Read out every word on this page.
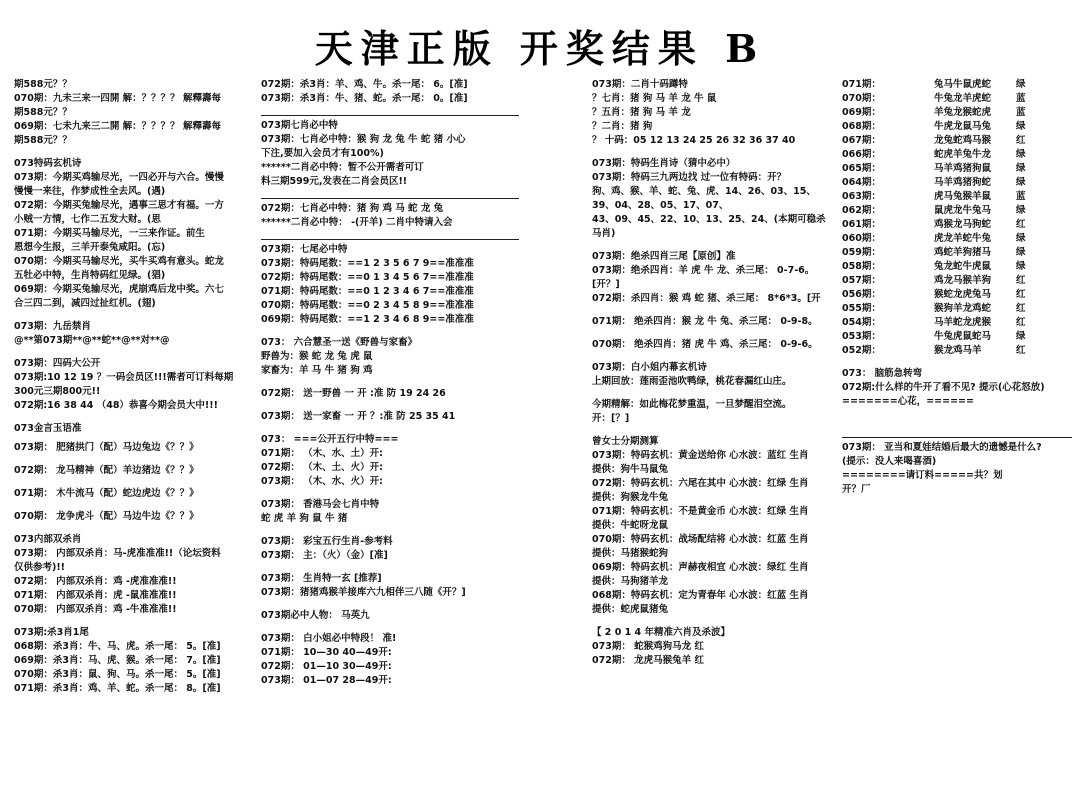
天津正版 开奖结果 B
期588元？？
070期：九未三来一四開 解：？？？？ 解釋壽每
期588元？？
069期：七未九来三二開 解：？？？？ 解釋壽每
期588元？？
073特码玄机诗
073期：今期买鸡输尽光，一四必开与六合。慢慢
慢慢一来往，作梦成性全去风。(遇)
072期：今期买兔输尽光，遇事三思才有福。一方
小贼一方情，七作二五发大财。(思
071期：今期买马输尽光，一三来作证。前生
恩想今生报，三羊开泰兔咸阳。(忘)
070期：今期买马输尽光，买牛买鸡有意头。蛇龙
五牡必中特，生肖特码红见绿。(猖)
069期：今期买兔输尽光，虎崩鸡后龙中奖。六七
合三四二到，减四过扯红机。(翅)
073期：九岳禁肖
@**第073期**@**蛇**@**对**@
073期：四码大公开
073期:10 12 19 ？一码会员区!!!需者可订料每期
300元三期800元!!
072期:16 38 44 （48）恭喜今期会员大中!!!
073金言玉语准
073期： 肥猪拱门（配）马边兔边《？？》
072期： 龙马精神（配）羊边猪边《？？》
071期： 木牛流马（配）蛇边虎边《？？》
070期： 龙争虎斗（配）马边牛边《？？》
073内部双杀肖
073期： 内部双杀肖：马-虎准准准!!（论坛资料
仅供参考)!!
072期： 内部双杀肖：鸡 -虎准准准!!
071期： 内部双杀肖：虎 -鼠准准准!!
070期： 内部双杀肖：鸡 -牛准准准!!
073期:杀3肖1尾
068期：杀3肖：牛、马、虎。杀一尾： 5。[准]
069期：杀3肖：马、虎、猴。杀一尾： 7。[准]
070期：杀3肖：鼠、狗、马。杀一尾： 5。[准]
071期：杀3肖：鸡、羊、蛇。杀一尾： 8。[准]
072期：杀3肖：羊、鸡、牛。杀一尾： 6。[准]
073期：杀3肖：牛、猪、蛇。杀一尾： 0。[准]
073期七肖必中特
073期：七肖必中特：猴 狗 龙 兔 牛 蛇 猪 小心
下注,要加入会员才有100%)
******二肖必中特：暂不公开需者可订
料三期599元,发表在二肖会员区!!
072期：七肖必中特：猪 狗 鸡 马 蛇 龙 兔
******二肖必中特： -(开羊) 二肖中特请入会
073期：七尾必中特
073期：特码尾数：==1 2 3 5 6 7 9==准准准
072期：特码尾数：==0 1 3 4 5 6 7==准准准
071期：特码尾数：==0 1 2 3 4 6 7==准准准
070期：特码尾数：==0 2 3 4 5 8 9==准准准
069期：特码尾数：==1 2 3 4 6 8 9==准准准
073： 六合慧圣一送《野兽与家畜》
野兽为：猴 蛇 龙 兔 虎 鼠
家畜为：羊 马 牛 猪 狗 鸡
072期： 送一野兽 一 开 :准 防 19 24 26
073期： 送一家畜 一 开 ？:准 防 25 35 41
073： ===公开五行中特===
071期： （木、水、土）开:
072期： （木、土、火）开:
073期： （木、水、火）开:
073期： 香港马会七肖中特
蛇 虎 羊 狗 鼠 牛 猪
073期： 彩宝五行生肖-参考料
073期： 主：（火）（金）[准]
073期： 生肖特一玄 [推荐]
073期：猪猪鸡猴羊接库六九相伴三八随《开？]
073期必中人物： 马英九
073期： 白小姐必中特段！ 准!
071期： 10—30 40—49开:
072期： 01—10 30—49开:
073期： 01—07 28—49开:
073期：二肖十码蹲特
？七肖：猪 狗 马 羊 龙 牛 鼠
？五肖：猪 狗 马 羊 龙
？二肖：猪 狗
？ 十码：05 12 13 24 25 26 32 36 37 40
073期：特码生肖诗（猜中必中）
073期：特码三九两边找 过一位有特码：开？
狗、鸡、猴、羊、蛇、兔、虎、14、26、03、15、
39、04、28、05、17、07、
43、09、45、22、10、13、25、24、(本期可稳杀
马肖)
073期：绝杀四肖三尾【原创】准
073期：绝杀四肖：羊 虎 牛 龙、杀三尾： 0-7-6。
[开？]
072期：杀四肖：猴 鸡 蛇 猪、杀三尾： 8*6*3。[开
071期： 绝杀四肖：猴 龙 牛 兔、杀三尾： 0-9-8。
070期： 绝杀四肖：猪 虎 牛 鸡、杀三尾： 0-9-6。
073期：白小姐内幕玄机诗
上期回放：莲雨歪池吹鸭绿，桃花春漏红山庄。
今期精解：如此梅花梦重温，一旦梦醒泪空流。
开：[？]
曾女士分期测算
073期：特码玄机：黄金送给你 心水波：蓝红 生肖
提供：狗牛马鼠兔
072期：特码玄机：六尾在其中 心水波：红绿 生肖
提供：狗猴龙牛兔
071期：特码玄机：不是黄金币 心水波：红绿 生肖
提供：牛蛇呀龙鼠
070期：特码玄机：战场配结将 心水波：红蓝 生肖
提供：马猪猴蛇狗
069期：特码玄机：声赫夜相宜 心水波：绿红 生肖
提供：马狗猪羊龙
068期：特码玄机：定为青春年 心水波：红蓝 生肖
提供：蛇虎鼠猪兔
【 2 0 1 4 年精准六肖及杀波】
073期： 蛇猴鸡狗马龙 红
072期： 龙虎马猴兔羊 红
071期：	兔马牛鼠虎蛇	绿
070期：	牛兔龙羊虎蛇	蓝
069期：	羊兔龙猴蛇虎	蓝
068期：	牛虎龙鼠马兔	绿
067期：	龙兔蛇鸡马猴	红
066期：	蛇虎羊兔牛龙	绿
065期：	马羊鸡猪狗鼠	绿
064期：	马羊鸡猪狗蛇	绿
063期：	虎马兔猴羊鼠	蓝
062期：	鼠虎龙牛兔马	绿
061期：	鸡猴龙马狗蛇	红
060期：	虎龙羊蛇牛兔	绿
059期：	鸡蛇羊狗猪马	绿
058期：	兔龙蛇牛虎鼠	绿
057期：	鸡龙马猴羊狗	红
056期：	猴蛇龙虎兔马	红
055期：	猴狗羊龙鸡蛇	红
054期：	马羊蛇龙虎猴	红
053期：	牛兔虎鼠蛇马	绿
052期：	猴龙鸡马羊	红
073： 脑筋急转弯
072期:什么样的牛开了看不见? 提示(心花怒放)
=======心花，======
073期： 亚当和夏娃结婚后最大的遗憾是什么?
(提示：没人来喝喜酒)
========请订料=====共？划
开？厂
